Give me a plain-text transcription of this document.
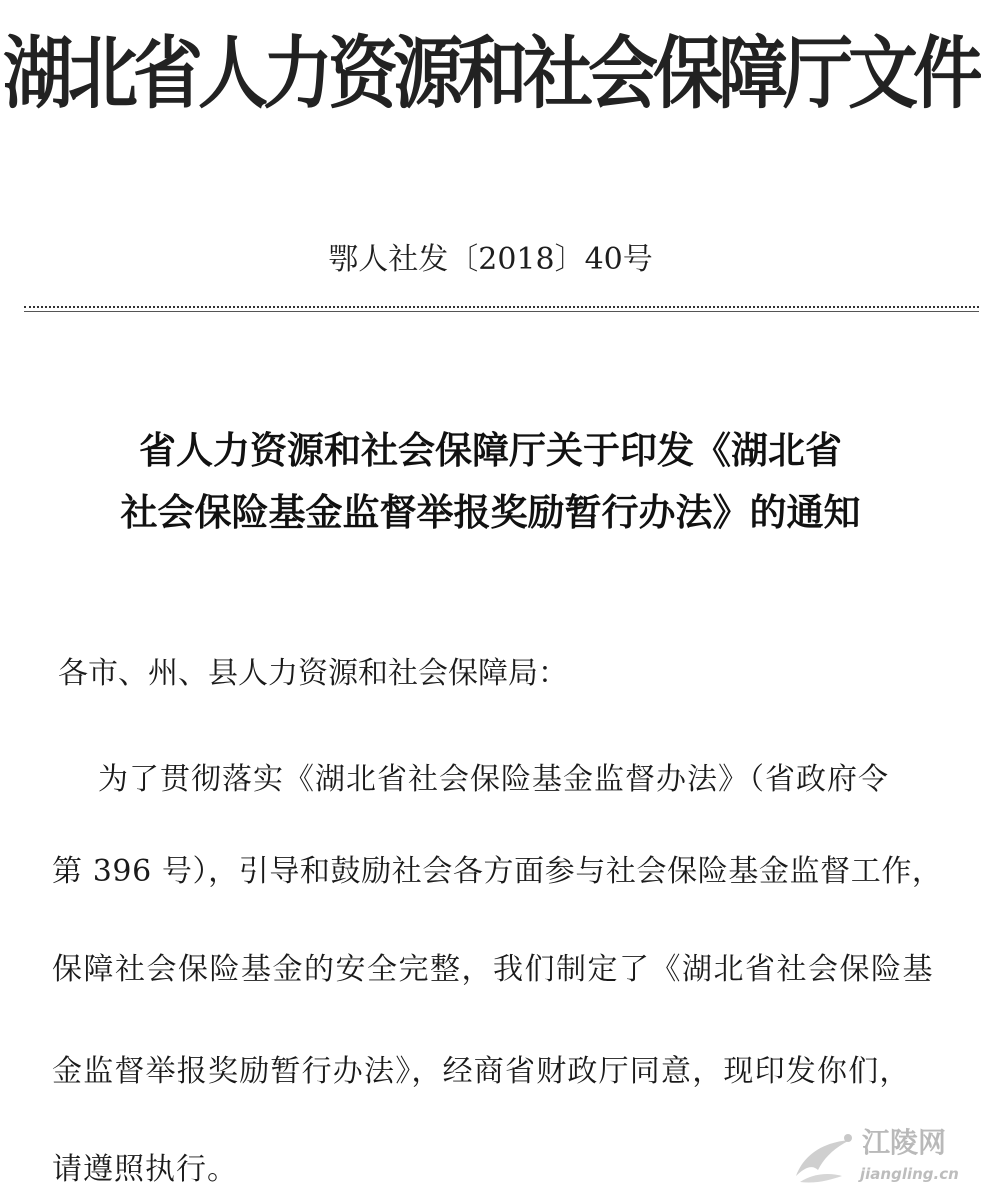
湖北省人力资源和社会保障厅文件
鄂人社发〔2018〕40号
省人力资源和社会保障厅关于印发《湖北省
社会保险基金监督举报奖励暂行办法》的通知
各市、州、县人力资源和社会保障局：
为了贯彻落实《湖北省社会保险基金监督办法》（省政府令
第 396 号），引导和鼓励社会各方面参与社会保险基金监督工作，
保障社会保险基金的安全完整，我们制定了《湖北省社会保险基
金监督举报奖励暂行办法》，经商省财政厅同意，现印发你们，
请遵照执行。
江陵网
jiangling.cn
